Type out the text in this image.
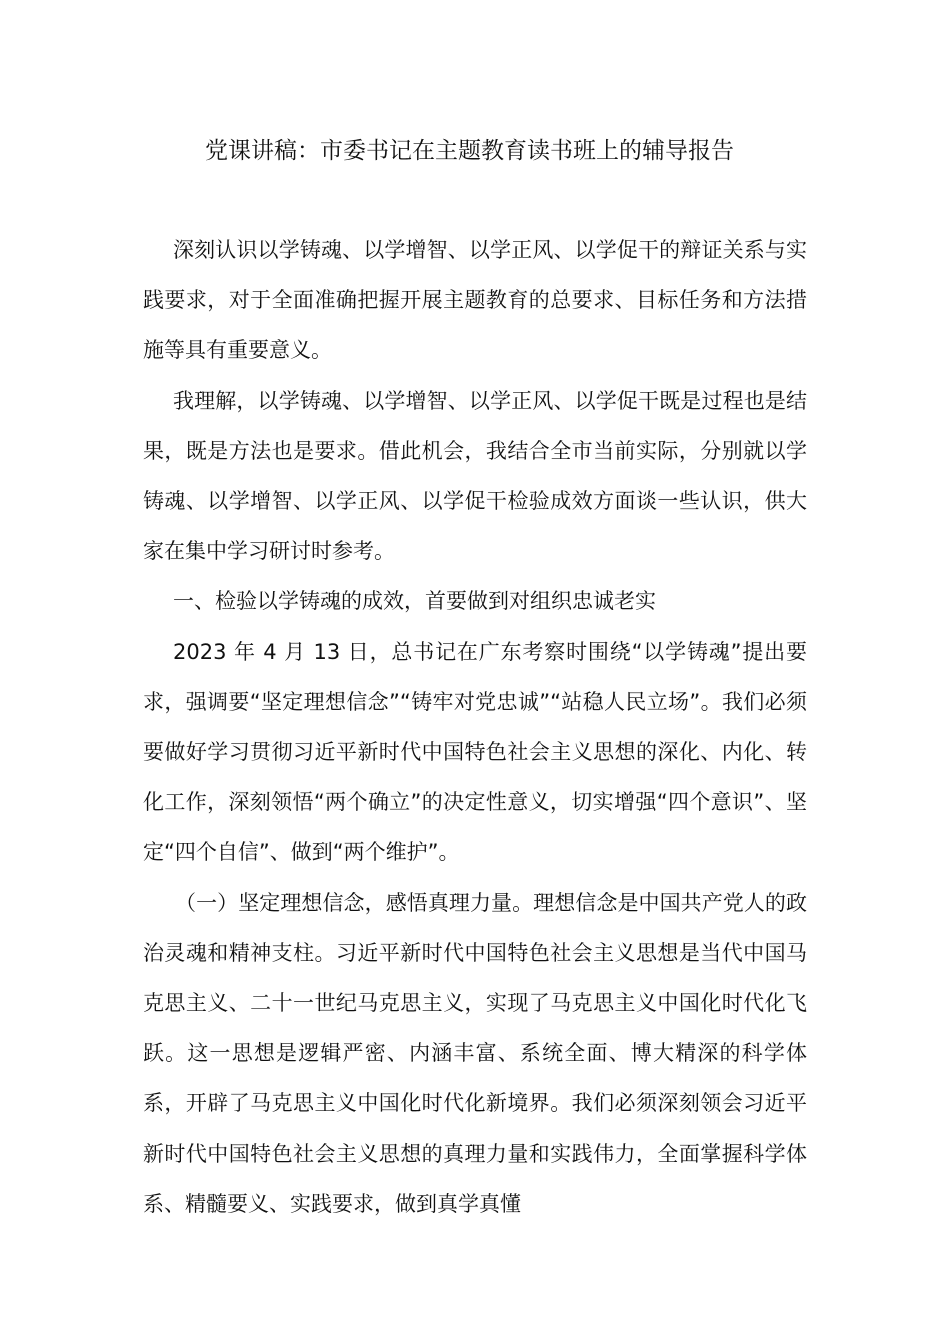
党课讲稿：市委书记在主题教育读书班上的辅导报告

深刻认识以学铸魂、以学增智、以学正风、以学促干的辩证关系与实践要求，对于全面准确把握开展主题教育的总要求、目标任务和方法措施等具有重要意义。

我理解，以学铸魂、以学增智、以学正风、以学促干既是过程也是结果，既是方法也是要求。借此机会，我结合全市当前实际，分别就以学铸魂、以学增智、以学正风、以学促干检验成效方面谈一些认识，供大家在集中学习研讨时参考。

一、检验以学铸魂的成效，首要做到对组织忠诚老实

2023 年 4 月 13 日，总书记在广东考察时围绕“以学铸魂”提出要求，强调要“坚定理想信念”“铸牢对党忠诚”“站稳人民立场”。我们必须要做好学习贯彻习近平新时代中国特色社会主义思想的深化、内化、转化工作，深刻领悟“两个确立”的决定性意义，切实增强“四个意识”、坚定“四个自信”、做到“两个维护”。

（一）坚定理想信念，感悟真理力量。理想信念是中国共产党人的政治灵魂和精神支柱。习近平新时代中国特色社会主义思想是当代中国马克思主义、二十一世纪马克思主义，实现了马克思主义中国化时代化飞跃。这一思想是逻辑严密、内涵丰富、系统全面、博大精深的科学体系，开辟了马克思主义中国化时代化新境界。我们必须深刻领会习近平新时代中国特色社会主义思想的真理力量和实践伟力，全面掌握科学体系、精髓要义、实践要求，做到真学真懂
